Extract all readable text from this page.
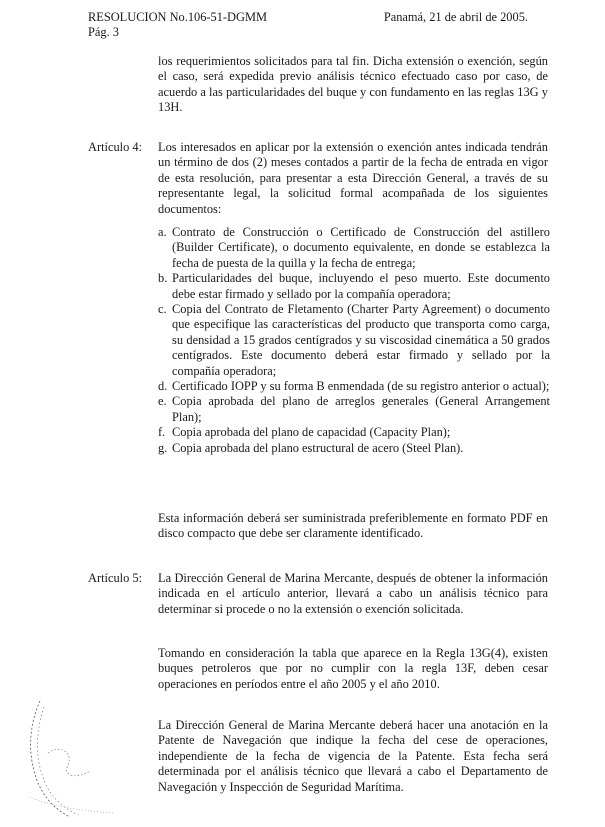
RESOLUCION No.106-51-DGMM	Panamá, 21 de abril de 2005.
Pág. 3
los requerimientos solicitados para tal fin. Dicha extensión o exención, según el caso, será expedida previo análisis técnico efectuado caso por caso, de acuerdo a las particularidades del buque y con fundamento en las reglas 13G y 13H.
Artículo 4: Los interesados en aplicar por la extensión o exención antes indicada tendrán un término de dos (2) meses contados a partir de la fecha de entrada en vigor de esta resolución, para presentar a esta Dirección General, a través de su representante legal, la solicitud formal acompañada de los siguientes documentos:
a. Contrato de Construcción o Certificado de Construcción del astillero (Builder Certificate), o documento equivalente, en donde se establezca la fecha de puesta de la quilla y la fecha de entrega;
b. Particularidades del buque, incluyendo el peso muerto. Este documento debe estar firmado y sellado por la compañía operadora;
c. Copia del Contrato de Fletamento (Charter Party Agreement) o documento que especifique las características del producto que transporta como carga, su densidad a 15 grados centígrados y su viscosidad cinemática a 50 grados centígrados. Este documento deberá estar firmado y sellado por la compañía operadora;
d. Certificado IOPP y su forma B enmendada (de su registro anterior o actual);
e. Copia aprobada del plano de arreglos generales (General Arrangement Plan);
f. Copia aprobada del plano de capacidad (Capacity Plan);
g. Copia aprobada del plano estructural de acero (Steel Plan).
Esta información deberá ser suministrada preferiblemente en formato PDF en disco compacto que debe ser claramente identificado.
Artículo 5: La Dirección General de Marina Mercante, después de obtener la información indicada en el artículo anterior, llevará a cabo un análisis técnico para determinar si procede o no la extensión o exención solicitada.
Tomando en consideración la tabla que aparece en la Regla 13G(4), existen buques petroleros que por no cumplir con la regla 13F, deben cesar operaciones en períodos entre el año 2005 y el año 2010.
La Dirección General de Marina Mercante deberá hacer una anotación en la Patente de Navegación que indique la fecha del cese de operaciones, independiente de la fecha de vigencia de la Patente. Esta fecha será determinada por el análisis técnico que llevará a cabo el Departamento de Navegación y Inspección de Seguridad Marítima.
